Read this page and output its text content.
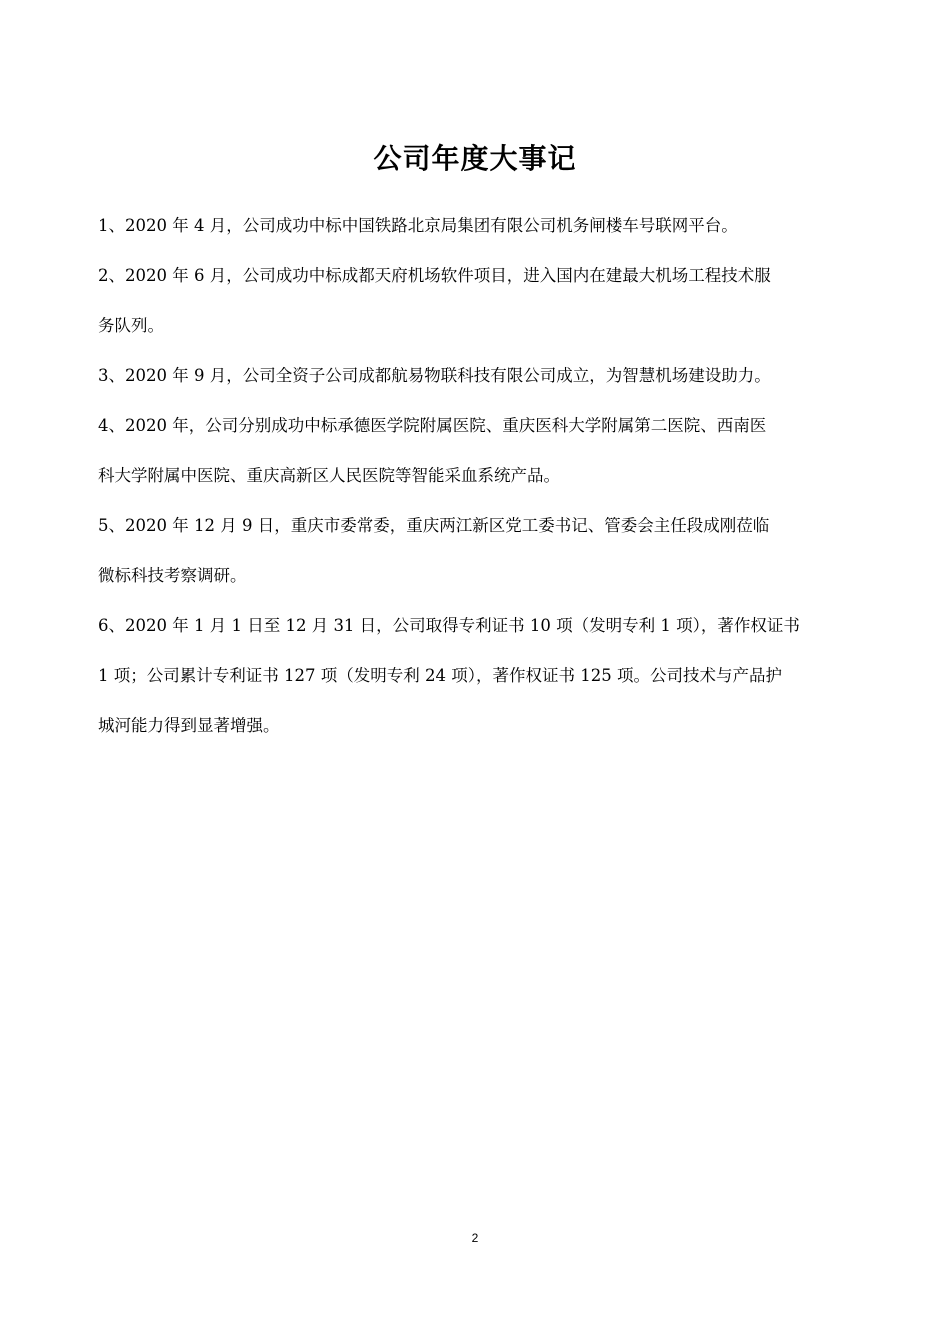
公司年度大事记

1、2020 年 4 月，公司成功中标中国铁路北京局集团有限公司机务闸楼车号联网平台。

2、2020 年 6 月，公司成功中标成都天府机场软件项目，进入国内在建最大机场工程技术服
务队列。

3、2020 年 9 月，公司全资子公司成都航易物联科技有限公司成立，为智慧机场建设助力。

4、2020 年，公司分别成功中标承德医学院附属医院、重庆医科大学附属第二医院、西南医
科大学附属中医院、重庆高新区人民医院等智能采血系统产品。

5、2020 年 12 月 9 日，重庆市委常委，重庆两江新区党工委书记、管委会主任段成刚莅临
微标科技考察调研。

6、2020 年 1 月 1 日至 12 月 31 日，公司取得专利证书 10 项（发明专利 1 项），著作权证书
1 项；公司累计专利证书 127 项（发明专利 24 项），著作权证书 125 项。公司技术与产品护
城河能力得到显著增强。

2
